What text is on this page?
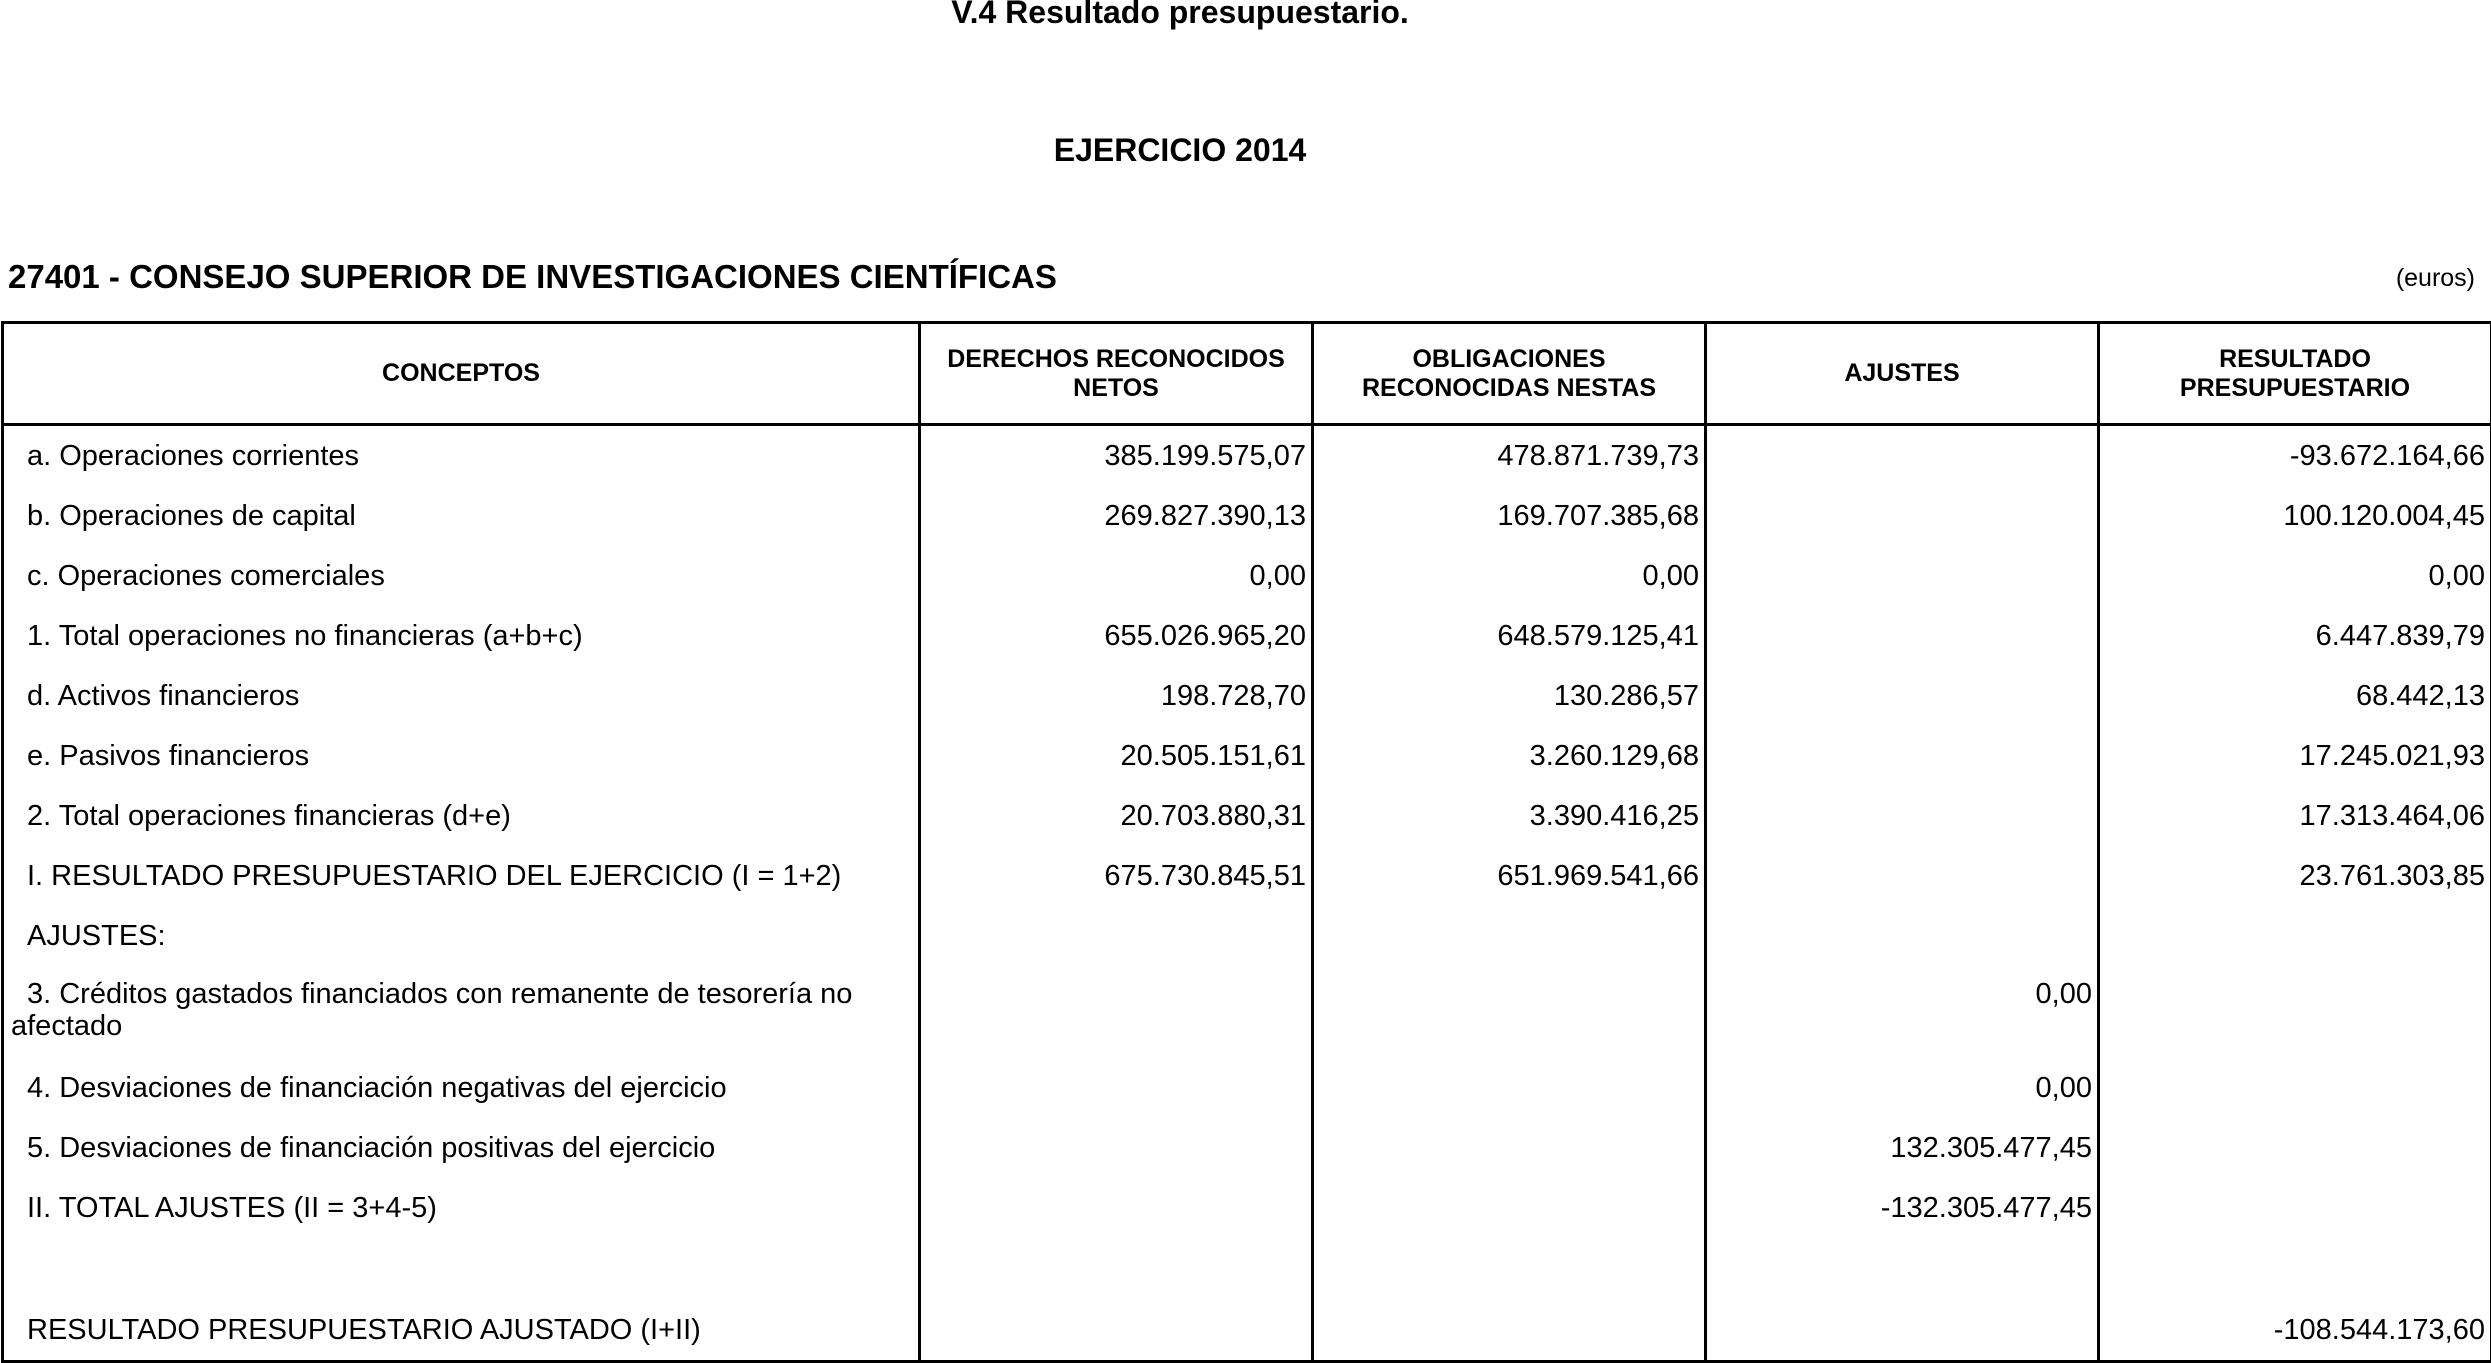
V.4 Resultado presupuestario.
EJERCICIO 2014
27401 - CONSEJO SUPERIOR DE INVESTIGACIONES CIENTÍFICAS	(euros)
CONCEPTOS	DERECHOS RECONOCIDOS NETOS	OBLIGACIONES RECONOCIDAS NESTAS	AJUSTES	RESULTADO PRESUPUESTARIO
a. Operaciones corrientes	385.199.575,07	478.871.739,73		-93.672.164,66
b. Operaciones de capital	269.827.390,13	169.707.385,68		100.120.004,45
c. Operaciones comerciales	0,00	0,00		0,00
1. Total operaciones no financieras (a+b+c)	655.026.965,20	648.579.125,41		6.447.839,79
d. Activos financieros	198.728,70	130.286,57		68.442,13
e. Pasivos financieros	20.505.151,61	3.260.129,68		17.245.021,93
2. Total operaciones financieras (d+e)	20.703.880,31	3.390.416,25		17.313.464,06
I. RESULTADO PRESUPUESTARIO DEL EJERCICIO (I = 1+2)	675.730.845,51	651.969.541,66		23.761.303,85
AJUSTES:				
3. Créditos gastados financiados con remanente de tesorería no
afectado			0,00	
4. Desviaciones de financiación negativas del ejercicio			0,00	
5. Desviaciones de financiación positivas del ejercicio			132.305.477,45	
II. TOTAL AJUSTES (II = 3+4-5)			-132.305.477,45	

RESULTADO PRESUPUESTARIO AJUSTADO (I+II)				-108.544.173,60
